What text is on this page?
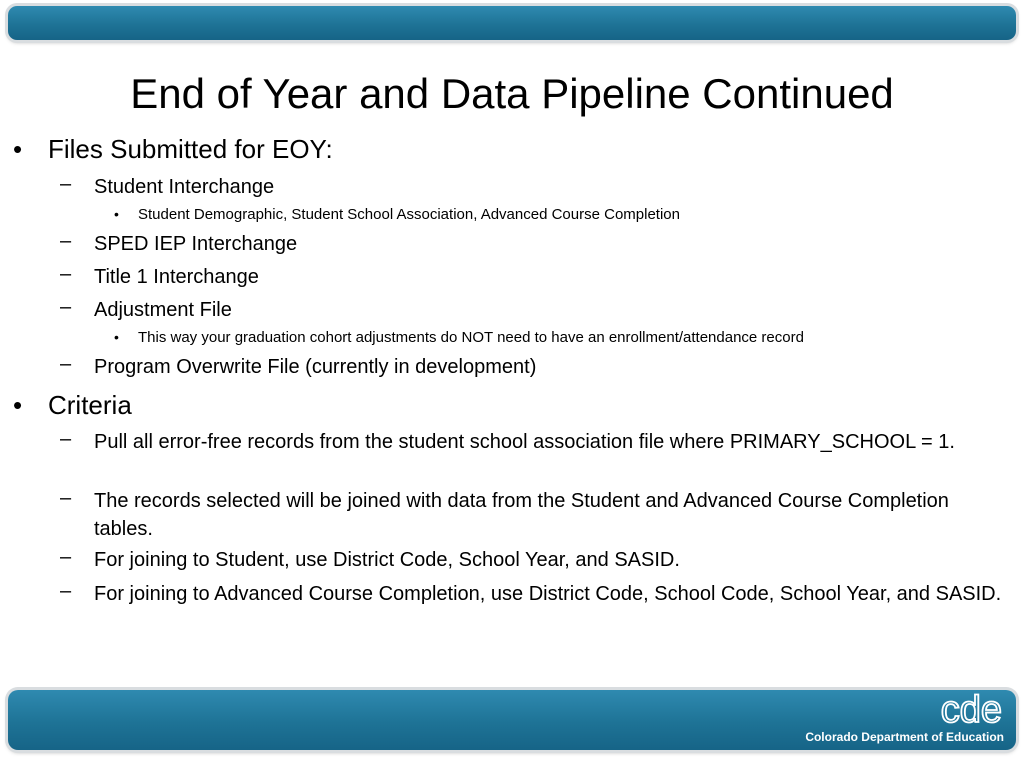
End of Year and Data Pipeline Continued
• Files Submitted for EOY:
– Student Interchange
• Student Demographic, Student School Association, Advanced Course Completion
– SPED IEP Interchange
– Title 1 Interchange
– Adjustment File
• This way your graduation cohort adjustments do NOT need to have an enrollment/attendance record
– Program Overwrite File (currently in development)
• Criteria
– Pull all error-free records from the student school association file where PRIMARY_SCHOOL = 1.
– The records selected will be joined with data from the Student and Advanced Course Completion tables.
– For joining to Student, use District Code, School Year, and SASID.
– For joining to Advanced Course Completion, use District Code, School Code, School Year, and SASID.
cde
Colorado Department of Education
